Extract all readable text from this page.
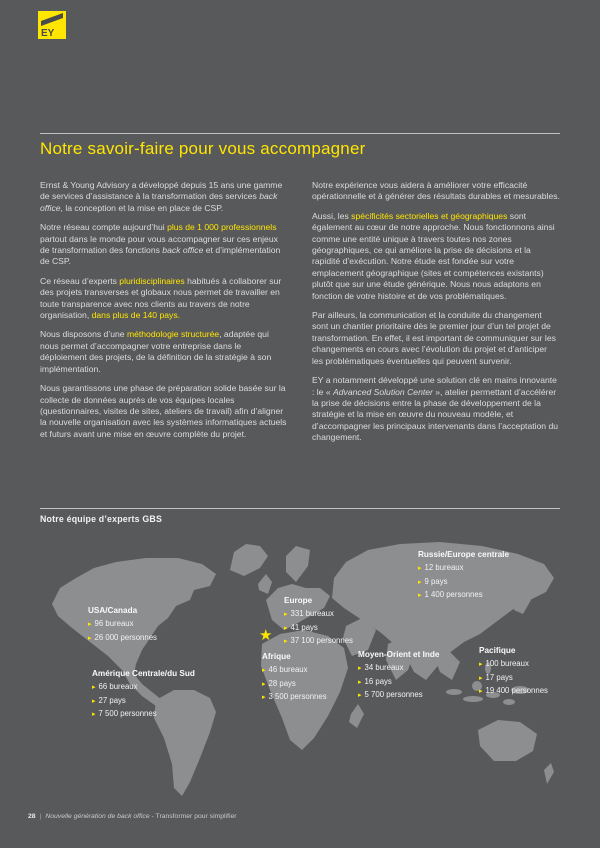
EY
Notre savoir-faire pour vous accompagner

Ernst & Young Advisory a développé depuis 15 ans une gamme de services d’assistance à la transformation des services back office, la conception et la mise en place de CSP.

Notre réseau compte aujourd’hui plus de 1 000 professionnels partout dans le monde pour vous accompagner sur ces enjeux de transformation des fonctions back office et d’implémentation de CSP.

Ce réseau d’experts pluridisciplinaires habitués à collaborer sur des projets transverses et globaux nous permet de travailler en toute transparence avec nos clients au travers de notre organisation, dans plus de 140 pays.

Nous disposons d’une méthodologie structurée, adaptée qui nous permet d’accompagner votre entreprise dans le déploiement des projets, de la définition de la stratégie à son implémentation.

Nous garantissons une phase de préparation solide basée sur la collecte de données auprès de vos équipes locales (questionnaires, visites de sites, ateliers de travail) afin d’aligner la nouvelle organisation avec les systèmes informatiques actuels et futurs avant une mise en œuvre complète du projet.

Notre expérience vous aidera à améliorer votre efficacité opérationnelle et à générer des résultats durables et mesurables.

Aussi, les spécificités sectorielles et géographiques sont également au cœur de notre approche. Nous fonctionnons ainsi comme une entité unique à travers toutes nos zones géographiques, ce qui améliore la prise de décisions et la rapidité d’exécution. Notre étude est fondée sur votre emplacement géographique (sites et compétences existants) plutôt que sur une étude générique. Nous nous adaptons en fonction de votre histoire et de vos problématiques.

Par ailleurs, la communication et la conduite du changement sont un chantier prioritaire dès le premier jour d’un tel projet de transformation. En effet, il est important de communiquer sur les changements en cours avec l’évolution du projet et d’anticiper les problématiques éventuelles qui peuvent survenir.

EY a notamment développé une solution clé en mains innovante : le « Advanced Solution Center », atelier permettant d’accélérer la prise de décisions entre la phase de développement de la stratégie et la mise en œuvre du nouveau modèle, et d’accompagner les principaux intervenants dans l’acceptation du changement.

Notre équipe d’experts GBS
★
USA/Canada
▸ 96 bureaux
▸ 26 000 personnes
Amérique Centrale/du Sud
▸ 66 bureaux
▸ 27 pays
▸ 7 500 personnes
Europe
▸ 331 bureaux
▸ 41 pays
▸ 37 100 personnes
Afrique
▸ 46 bureaux
▸ 28 pays
▸ 3 500 personnes
Moyen-Orient et Inde
▸ 34 bureaux
▸ 16 pays
▸ 5 700 personnes
Russie/Europe centrale
▸ 12 bureaux
▸ 9 pays
▸ 1 400 personnes
Pacifique
▸ 100 bureaux
▸ 17 pays
▸ 19 400 personnes
28 | Nouvelle génération de back office - Transformer pour simplifier
